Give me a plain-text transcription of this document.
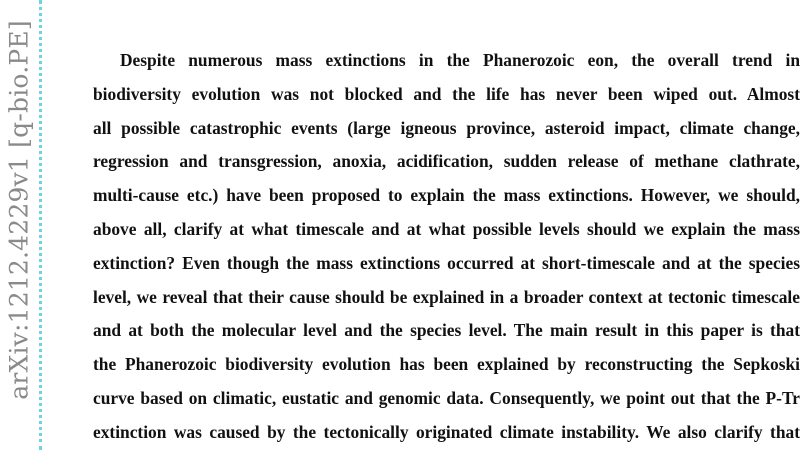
arXiv:1212.4229v1 [q-bio.PE]	Despite numerous mass extinctions in the Phanerozoic eon, the overall trend in
biodiversity evolution was not blocked and the life has never been wiped out. Almost
all possible catastrophic events (large igneous province, asteroid impact, climate change,
regression and transgression, anoxia, acidification, sudden release of methane clathrate,
multi-cause etc.) have been proposed to explain the mass extinctions. However, we should,
above all, clarify at what timescale and at what possible levels should we explain the mass
extinction? Even though the mass extinctions occurred at short-timescale and at the species
level, we reveal that their cause should be explained in a broader context at tectonic timescale
and at both the molecular level and the species level. The main result in this paper is that
the Phanerozoic biodiversity evolution has been explained by reconstructing the Sepkoski
curve based on climatic, eustatic and genomic data. Consequently, we point out that the P-Tr
extinction was caused by the tectonically originated climate instability. We also clarify that
